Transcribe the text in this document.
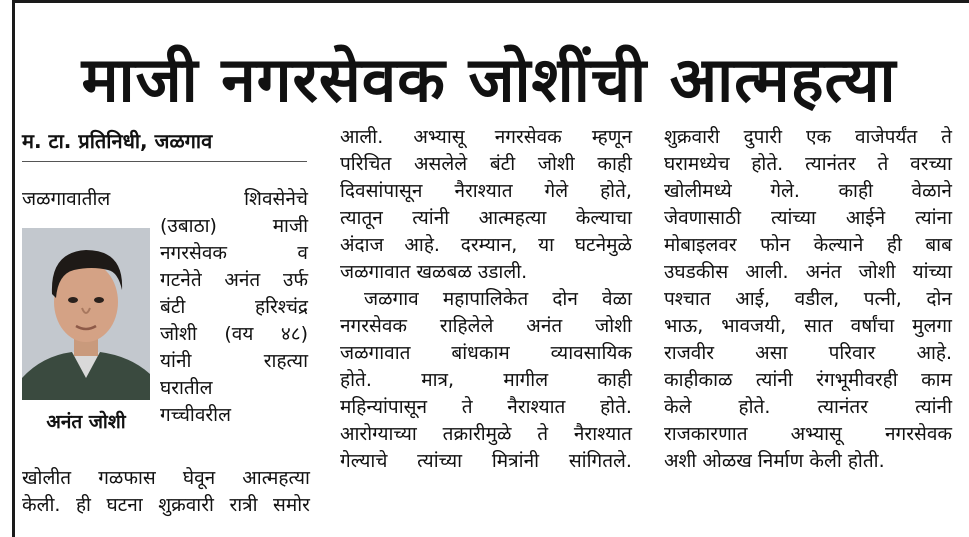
माजी नगरसेवक जोशींची आत्महत्या
म. टा. प्रतिनिधी, जळगाव
अनंत जोशी
जळगावातील	शिवसेनेचे
(उबाठा)	माजी
नगरसेवक	व
गटनेते अनंत उर्फ
बंटी	हरिश्चंद्र
जोशी (वय ४८)
यांनी	राहत्या
घरातील
गच्चीवरील
खोलीत गळफास घेवून आत्महत्या
केली. ही घटना शुक्रवारी रात्री समोर
आली. अभ्यासू नगरसेवक म्हणून
परिचित असलेले बंटी जोशी काही
दिवसांपासून नैराश्यात गेले होते,
त्यातून त्यांनी आत्महत्या केल्याचा
अंदाज आहे. दरम्यान, या घटनेमुळे
जळगावात खळबळ उडाली.
जळगाव महापालिकेत दोन वेळा
नगरसेवक राहिलेले अनंत जोशी
जळगावात बांधकाम व्यावसायिक
होते.	मात्र,	मागील	काही
महिन्यांपासून ते नैराश्यात होते.
आरोग्याच्या तक्रारीमुळे ते नैराश्यात
गेल्याचे त्यांच्या मित्रांनी सांगितले.
शुक्रवारी दुपारी एक वाजेपर्यंत ते
घरामध्येच होते. त्यानंतर ते वरच्या
खोलीमध्ये गेले. काही वेळाने
जेवणासाठी त्यांच्या आईने त्यांना
मोबाइलवर फोन केल्याने ही बाब
उघडकीस आली. अनंत जोशी यांच्या
पश्चात आई, वडील, पत्नी, दोन
भाऊ, भावजयी, सात वर्षांचा मुलगा
राजवीर असा परिवार आहे.
काहीकाळ त्यांनी रंगभूमीवरही काम
केले होते. त्यानंतर त्यांनी
राजकारणात अभ्यासू नगरसेवक
अशी ओळख निर्माण केली होती.
